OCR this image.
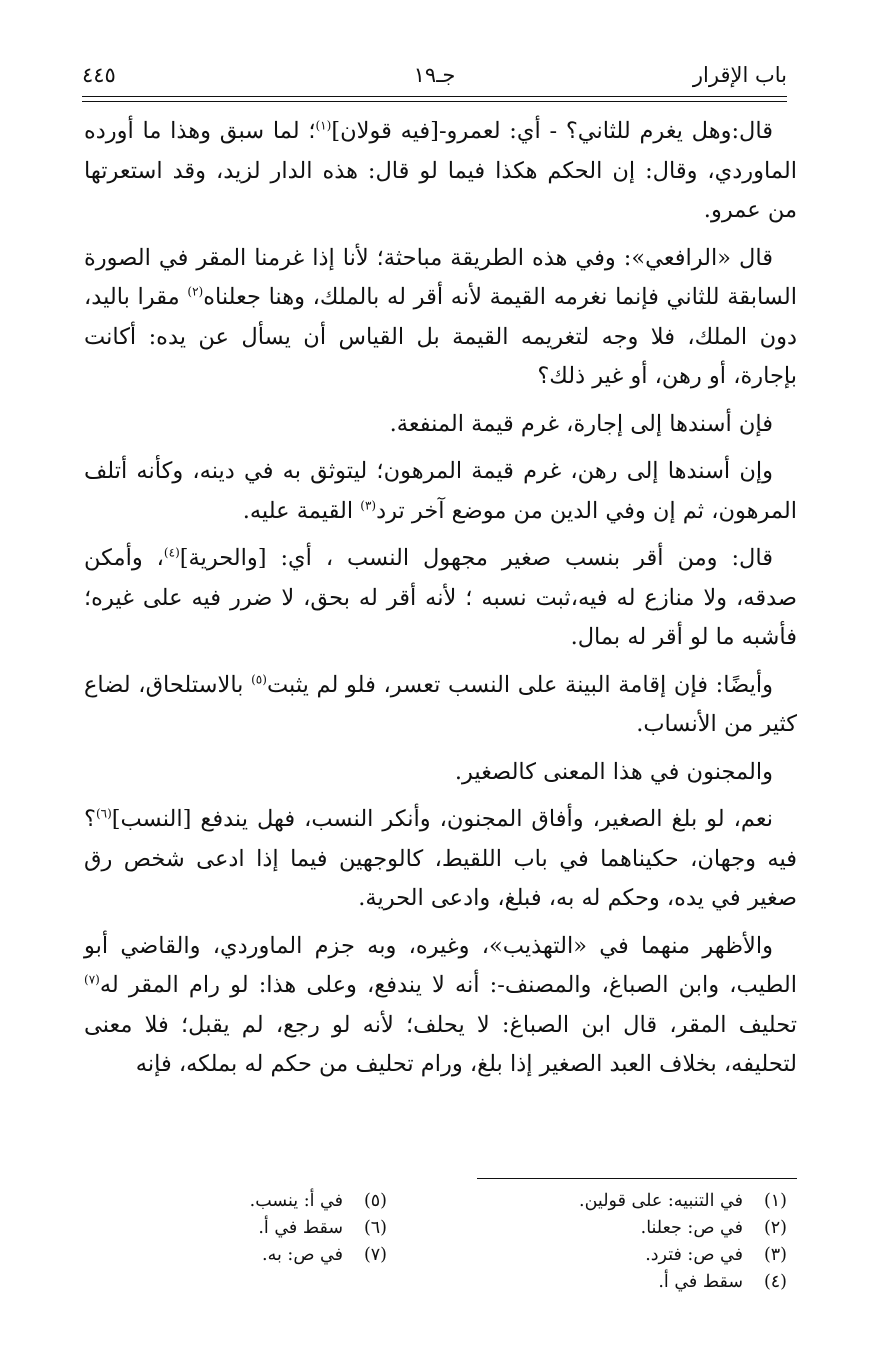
باب الإقرار
جـ١٩
٤٤٥

قال:وهل يغرم للثاني؟ - أي: لعمرو-[فيه قولان]$^{(١)}$؛ لما سبق وهذا ما أورده الماوردي، وقال: إن الحكم هكذا فيما لو قال: هذه الدار لزيد، وقد استعرتها من عمرو.

قال «الرافعي»: وفي هذه الطريقة مباحثة؛ لأنا إذا غرمنا المقر في الصورة السابقة للثاني فإنما نغرمه القيمة لأنه أقر له بالملك، وهنا جعلناه$^{(٢)}$ مقرا باليد، دون الملك، فلا وجه لتغريمه القيمة بل القياس أن يسأل عن يده: أكانت بإجارة، أو رهن، أو غير ذلك؟

فإن أسندها إلى إجارة، غرم قيمة المنفعة.

وإن أسندها إلى رهن، غرم قيمة المرهون؛ ليتوثق به في دينه، وكأنه أتلف المرهون، ثم إن وفي الدين من موضع آخر ترد$^{(٣)}$ القيمة عليه.

قال: ومن أقر بنسب صغير مجهول النسب ، أي: [والحرية]$^{(٤)}$، وأمكن صدقه، ولا منازع له فيه،ثبت نسبه ؛ لأنه أقر له بحق، لا ضرر فيه على غيره؛ فأشبه ما لو أقر له بمال.

وأيضًا: فإن إقامة البينة على النسب تعسر، فلو لم يثبت$^{(٥)}$ بالاستلحاق، لضاع كثير من الأنساب.

والمجنون في هذا المعنى كالصغير.

نعم، لو بلغ الصغير، وأفاق المجنون، وأنكر النسب، فهل يندفع [النسب]$^{(٦)}$؟ فيه وجهان، حكيناهما في باب اللقيط، كالوجهين فيما إذا ادعى شخص رق صغير في يده، وحكم له به، فبلغ، وادعى الحرية.

والأظهر منهما في «التهذيب»، وغيره، وبه جزم الماوردي، والقاضي أبو الطيب، وابن الصباغ، والمصنف-: أنه لا يندفع، وعلى هذا: لو رام المقر له$^{(٧)}$ تحليف المقر، قال ابن الصباغ: لا يحلف؛ لأنه لو رجع، لم يقبل؛ فلا معنى لتحليفه، بخلاف العبد الصغير إذا بلغ، ورام تحليف من حكم له بملكه، فإنه

(١)في التنبيه: على قولين.
(٢)في ص: جعلنا.
(٣)في ص: فترد.
(٤)سقط في أ.
(٥)في أ: ينسب.
(٦)سقط في أ.
(٧)في ص: به.
